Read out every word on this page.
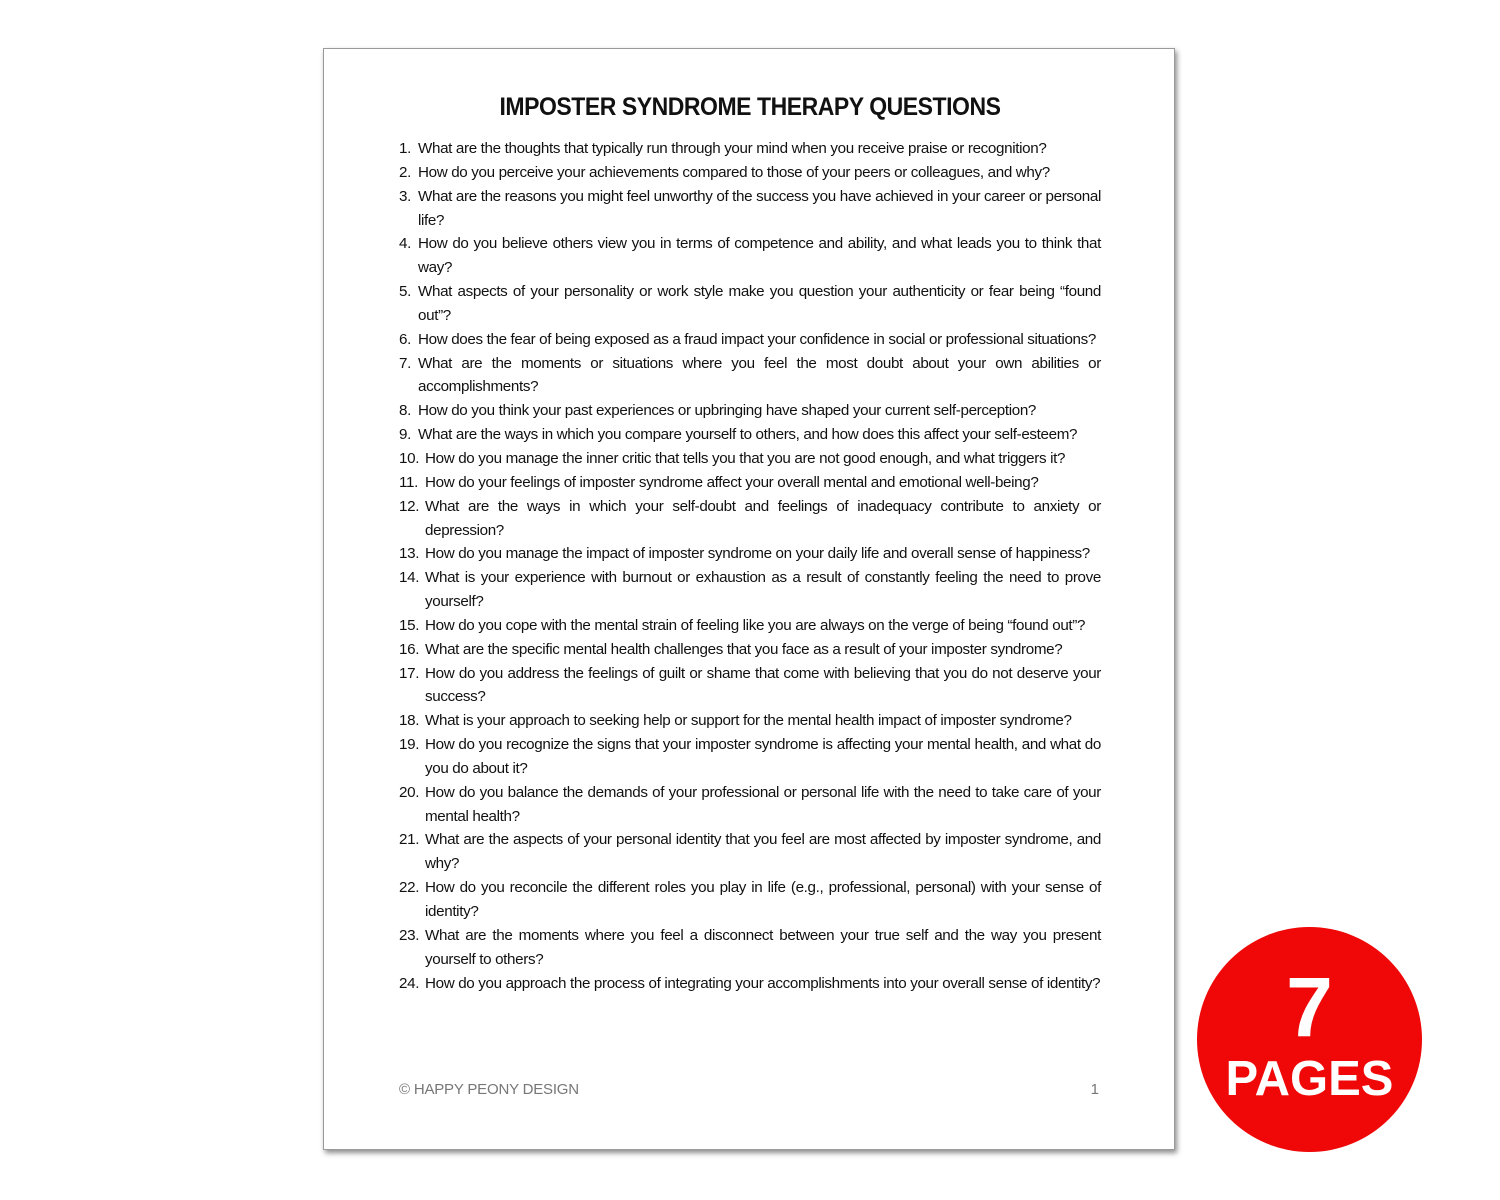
IMPOSTER SYNDROME THERAPY QUESTIONS
1. What are the thoughts that typically run through your mind when you receive praise or recognition?
2. How do you perceive your achievements compared to those of your peers or colleagues, and why?
3. What are the reasons you might feel unworthy of the success you have achieved in your career or personal life?
4. How do you believe others view you in terms of competence and ability, and what leads you to think that way?
5. What aspects of your personality or work style make you question your authenticity or fear being “found out”?
6. How does the fear of being exposed as a fraud impact your confidence in social or professional situations?
7. What are the moments or situations where you feel the most doubt about your own abilities or accomplishments?
8. How do you think your past experiences or upbringing have shaped your current self-perception?
9. What are the ways in which you compare yourself to others, and how does this affect your self-esteem?
10. How do you manage the inner critic that tells you that you are not good enough, and what triggers it?
11. How do your feelings of imposter syndrome affect your overall mental and emotional well-being?
12. What are the ways in which your self-doubt and feelings of inadequacy contribute to anxiety or depression?
13. How do you manage the impact of imposter syndrome on your daily life and overall sense of happiness?
14. What is your experience with burnout or exhaustion as a result of constantly feeling the need to prove yourself?
15. How do you cope with the mental strain of feeling like you are always on the verge of being “found out”?
16. What are the specific mental health challenges that you face as a result of your imposter syndrome?
17. How do you address the feelings of guilt or shame that come with believing that you do not deserve your success?
18. What is your approach to seeking help or support for the mental health impact of imposter syndrome?
19. How do you recognize the signs that your imposter syndrome is affecting your mental health, and what do you do about it?
20. How do you balance the demands of your professional or personal life with the need to take care of your mental health?
21. What are the aspects of your personal identity that you feel are most affected by imposter syndrome, and why?
22. How do you reconcile the different roles you play in life (e.g., professional, personal) with your sense of identity?
23. What are the moments where you feel a disconnect between your true self and the way you present yourself to others?
24. How do you approach the process of integrating your accomplishments into your overall sense of identity?
© HAPPY PEONY DESIGN	1
7
PAGES
